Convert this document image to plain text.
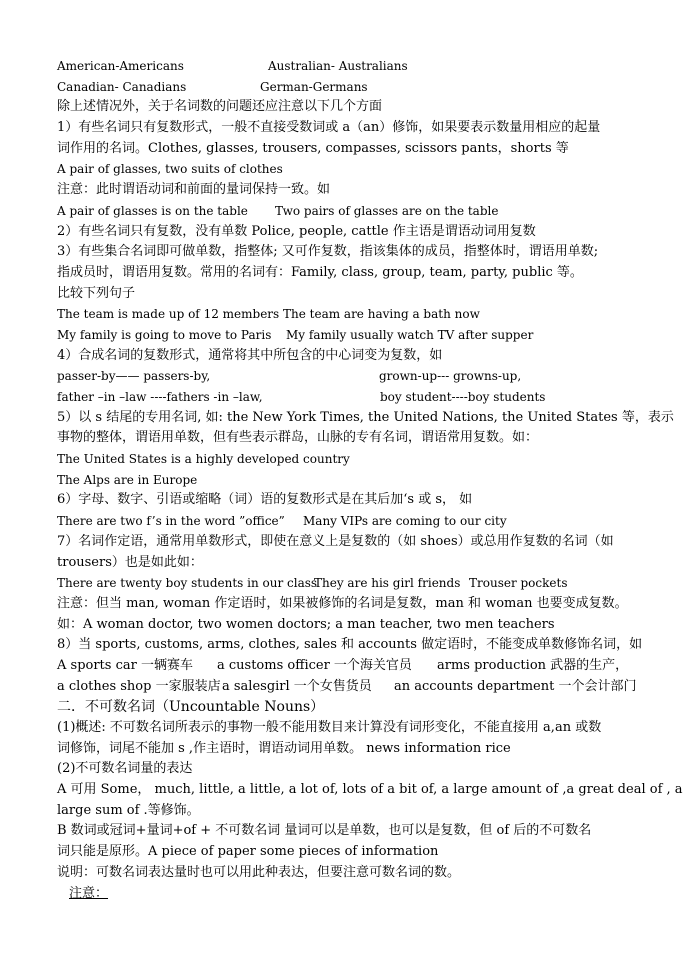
American-Americans	Australian- Australians
Canadian- Canadians	German-Germans
除上述情况外，关于名词数的问题还应注意以下几个方面
1）有些名词只有复数形式，一般不直接受数词或 a（an）修饰，如果要表示数量用相应的起量
词作用的名词。Clothes, glasses, trousers, compasses, scissors pants，shorts 等
A pair of glasses, two suits of clothes
注意：此时谓语动词和前面的量词保持一致。如
A pair of glasses is on the table Two pairs of glasses are on the table
2）有些名词只有复数，没有单数 Police, people, cattle 作主语是谓语动词用复数
3）有些集合名词即可做单数，指整体; 又可作复数，指该集体的成员，指整体时，谓语用单数;
指成员时，谓语用复数。常用的名词有：Family, class, group, team, party, public 等。
比较下列句子
The team is made up of 12 members The team are having a bath now
My family is going to move to Paris My family usually watch TV after supper
4）合成名词的复数形式，通常将其中所包含的中心词变为复数，如
passer-by—— passers-by,	grown-up--- growns-up,
father –in –law ----fathers -in –law,	boy student----boy students
5）以 s 结尾的专用名词, 如: the New York Times, the United Nations, the United States 等，表示
事物的整体，谓语用单数，但有些表示群岛，山脉的专有名词，谓语常用复数。如：
The United States is a highly developed country
The Alps are in Europe
6）字母、数字、引语或缩略（词）语的复数形式是在其后加‘s 或 s， 如
There are two f’s in the word ”office” Many VIPs are coming to our city
7）名词作定语，通常用单数形式，即使在意义上是复数的（如 shoes）或总用作复数的名词（如
trousers）也是如此如：
There are twenty boy students in our class
They are his girl friends Trouser pockets
注意：但当 man, woman 作定语时，如果被修饰的名词是复数，man 和 woman 也要变成复数。
如：A woman doctor, two women doctors; a man teacher, two men teachers
8）当 sports, customs, arms, clothes, sales 和 accounts 做定语时，不能变成单数修饰名词，如
A sports car 一辆赛车 a customs officer 一个海关官员 arms production 武器的生产，
a clothes shop 一家服装店 a salesgirl 一个女售货员 an accounts department 一个会计部门
二．不可数名词（Uncountable Nouns）
(1)概述: 不可数名词所表示的事物一般不能用数目来计算没有词形变化，不能直接用 a,an 或数
词修饰，词尾不能加 s ,作主语时，谓语动词用单数。 news information rice
(2)不可数名词量的表达
A 可用 Some， much, little, a little, a lot of, lots of a bit of, a large amount of ,a great deal of , a
large sum of .等修饰。
B 数词或冠词+量词+of + 不可数名词 量词可以是单数，也可以是复数，但 of 后的不可数名
词只能是原形。A piece of paper some pieces of information
说明：可数名词表达量时也可以用此种表达，但要注意可数名词的数。
注意：
